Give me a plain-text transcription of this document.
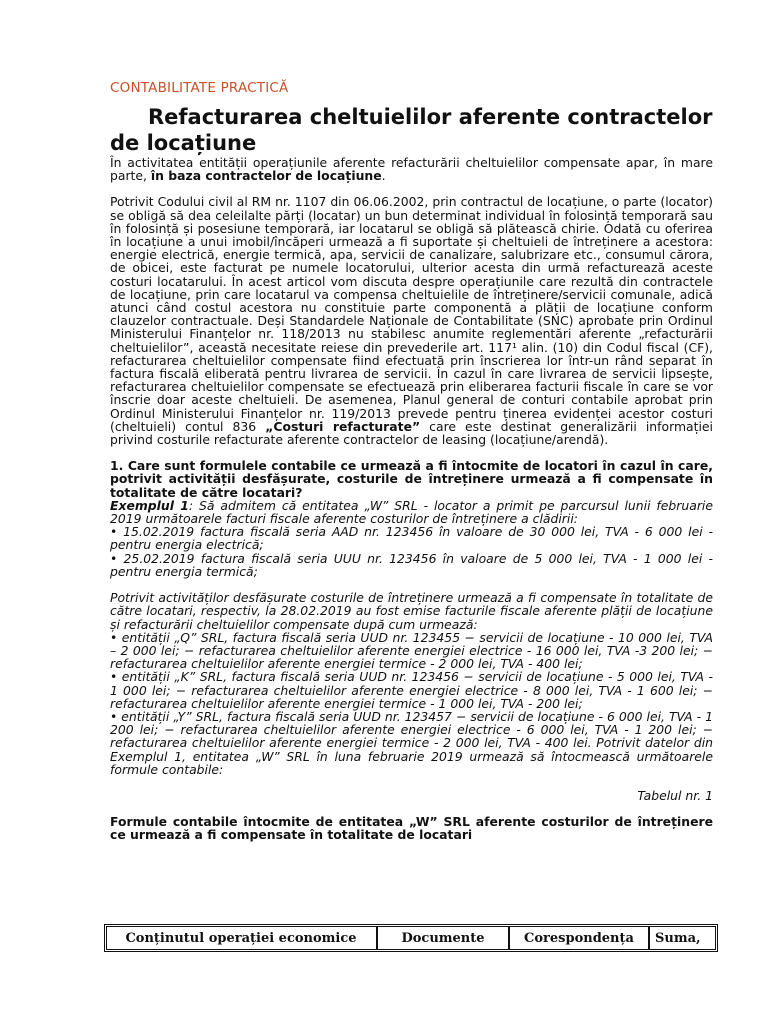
CONTABILITATE PRACTICĂ
Refacturarea cheltuielilor aferente contractelor de locațiune

În activitatea entității operațiunile aferente refacturării cheltuielilor compensate apar, în mare parte, în baza contractelor de locațiune.

Potrivit Codului civil al RM nr. 1107 din 06.06.2002, prin contractul de locațiune, o parte (locator) se obligă să dea celeilalte părți (locatar) un bun determinat individual în folosință temporară sau în folosință și posesiune temporară, iar locatarul se obligă să plătească chirie. Odată cu oferirea în locațiune a unui imobil/încăperi urmează a fi suportate și cheltuieli de întreținere a acestora: energie electrică, energie termică, apa, servicii de canalizare, salubrizare etc., consumul cărora, de obicei, este facturat pe numele locatorului, ulterior acesta din urmă refacturează aceste costuri locatarului. În acest articol vom discuta despre operațiunile care rezultă din contractele de locațiune, prin care locatarul va compensa cheltuielile de întreținere/servicii comunale, adică atunci când costul acestora nu constituie parte componentă a plății de locațiune conform clauzelor contractuale. Deși Standardele Naționale de Contabilitate (SNC) aprobate prin Ordinul Ministerului Finanțelor nr. 118/2013 nu stabilesc anumite reglementări aferente „refacturării cheltuielilor”, această necesitate reiese din prevederile art. 117¹ alin. (10) din Codul fiscal (CF), refacturarea cheltuielilor compensate fiind efectuată prin înscrierea lor într-un rând separat în factura fiscală eliberată pentru livrarea de servicii. În cazul în care livrarea de servicii lipsește, refacturarea cheltuielilor compensate se efectuează prin eliberarea facturii fiscale în care se vor înscrie doar aceste cheltuieli. De asemenea, Planul general de conturi contabile aprobat prin Ordinul Ministerului Finanțelor nr. 119/2013 prevede pentru ținerea evidenței acestor costuri (cheltuieli) contul 836 „Costuri refacturate” care este destinat generalizării informației privind costurile refacturate aferente contractelor de leasing (locațiune/arendă).

1. Care sunt formulele contabile ce urmează a fi întocmite de locatori în cazul în care, potrivit activității desfășurate, costurile de întreținere urmează a fi compensate în totalitate de către locatari?

Exemplul 1: Să admitem că entitatea „W” SRL - locator a primit pe parcursul lunii februarie 2019 următoarele facturi fiscale aferente costurilor de întreținere a clădirii:

• 15.02.2019 factura fiscală seria AAD nr. 123456 în valoare de 30 000 lei, TVA - 6 000 lei - pentru energia electrică;

• 25.02.2019 factura fiscală seria UUU nr. 123456 în valoare de 5 000 lei, TVA - 1 000 lei - pentru energia termică;

Potrivit activităților desfășurate costurile de întreținere urmează a fi compensate în totalitate de către locatari, respectiv, la 28.02.2019 au fost emise facturile fiscale aferente plății de locațiune și refacturării cheltuielilor compensate după cum urmează:

• entității „Q” SRL, factura fiscală seria UUD nr. 123455 − servicii de locațiune - 10 000 lei, TVA – 2 000 lei; − refacturarea cheltuielilor aferente energiei electrice - 16 000 lei, TVA -3 200 lei; − refacturarea cheltuielilor aferente energiei termice - 2 000 lei, TVA - 400 lei;

• entității „K” SRL, factura fiscală seria UUD nr. 123456 − servicii de locațiune - 5 000 lei, TVA - 1 000 lei; − refacturarea cheltuielilor aferente energiei electrice - 8 000 lei, TVA - 1 600 lei; − refacturarea cheltuielilor aferente energiei termice - 1 000 lei, TVA - 200 lei;

• entității „Y” SRL, factura fiscală seria UUD nr. 123457 − servicii de locațiune - 6 000 lei, TVA - 1 200 lei; − refacturarea cheltuielilor aferente energiei electrice - 6 000 lei, TVA - 1 200 lei; − refacturarea cheltuielilor aferente energiei termice - 2 000 lei, TVA - 400 lei. Potrivit datelor din Exemplul 1, entitatea „W” SRL în luna februarie 2019 urmează să întocmească următoarele formule contabile:

Tabelul nr. 1

Formule contabile întocmite de entitatea „W” SRL aferente costurilor de întreținere ce urmează a fi compensate în totalitate de locatari

Conținutul operației economice	Documente	Corespondența	Suma,
